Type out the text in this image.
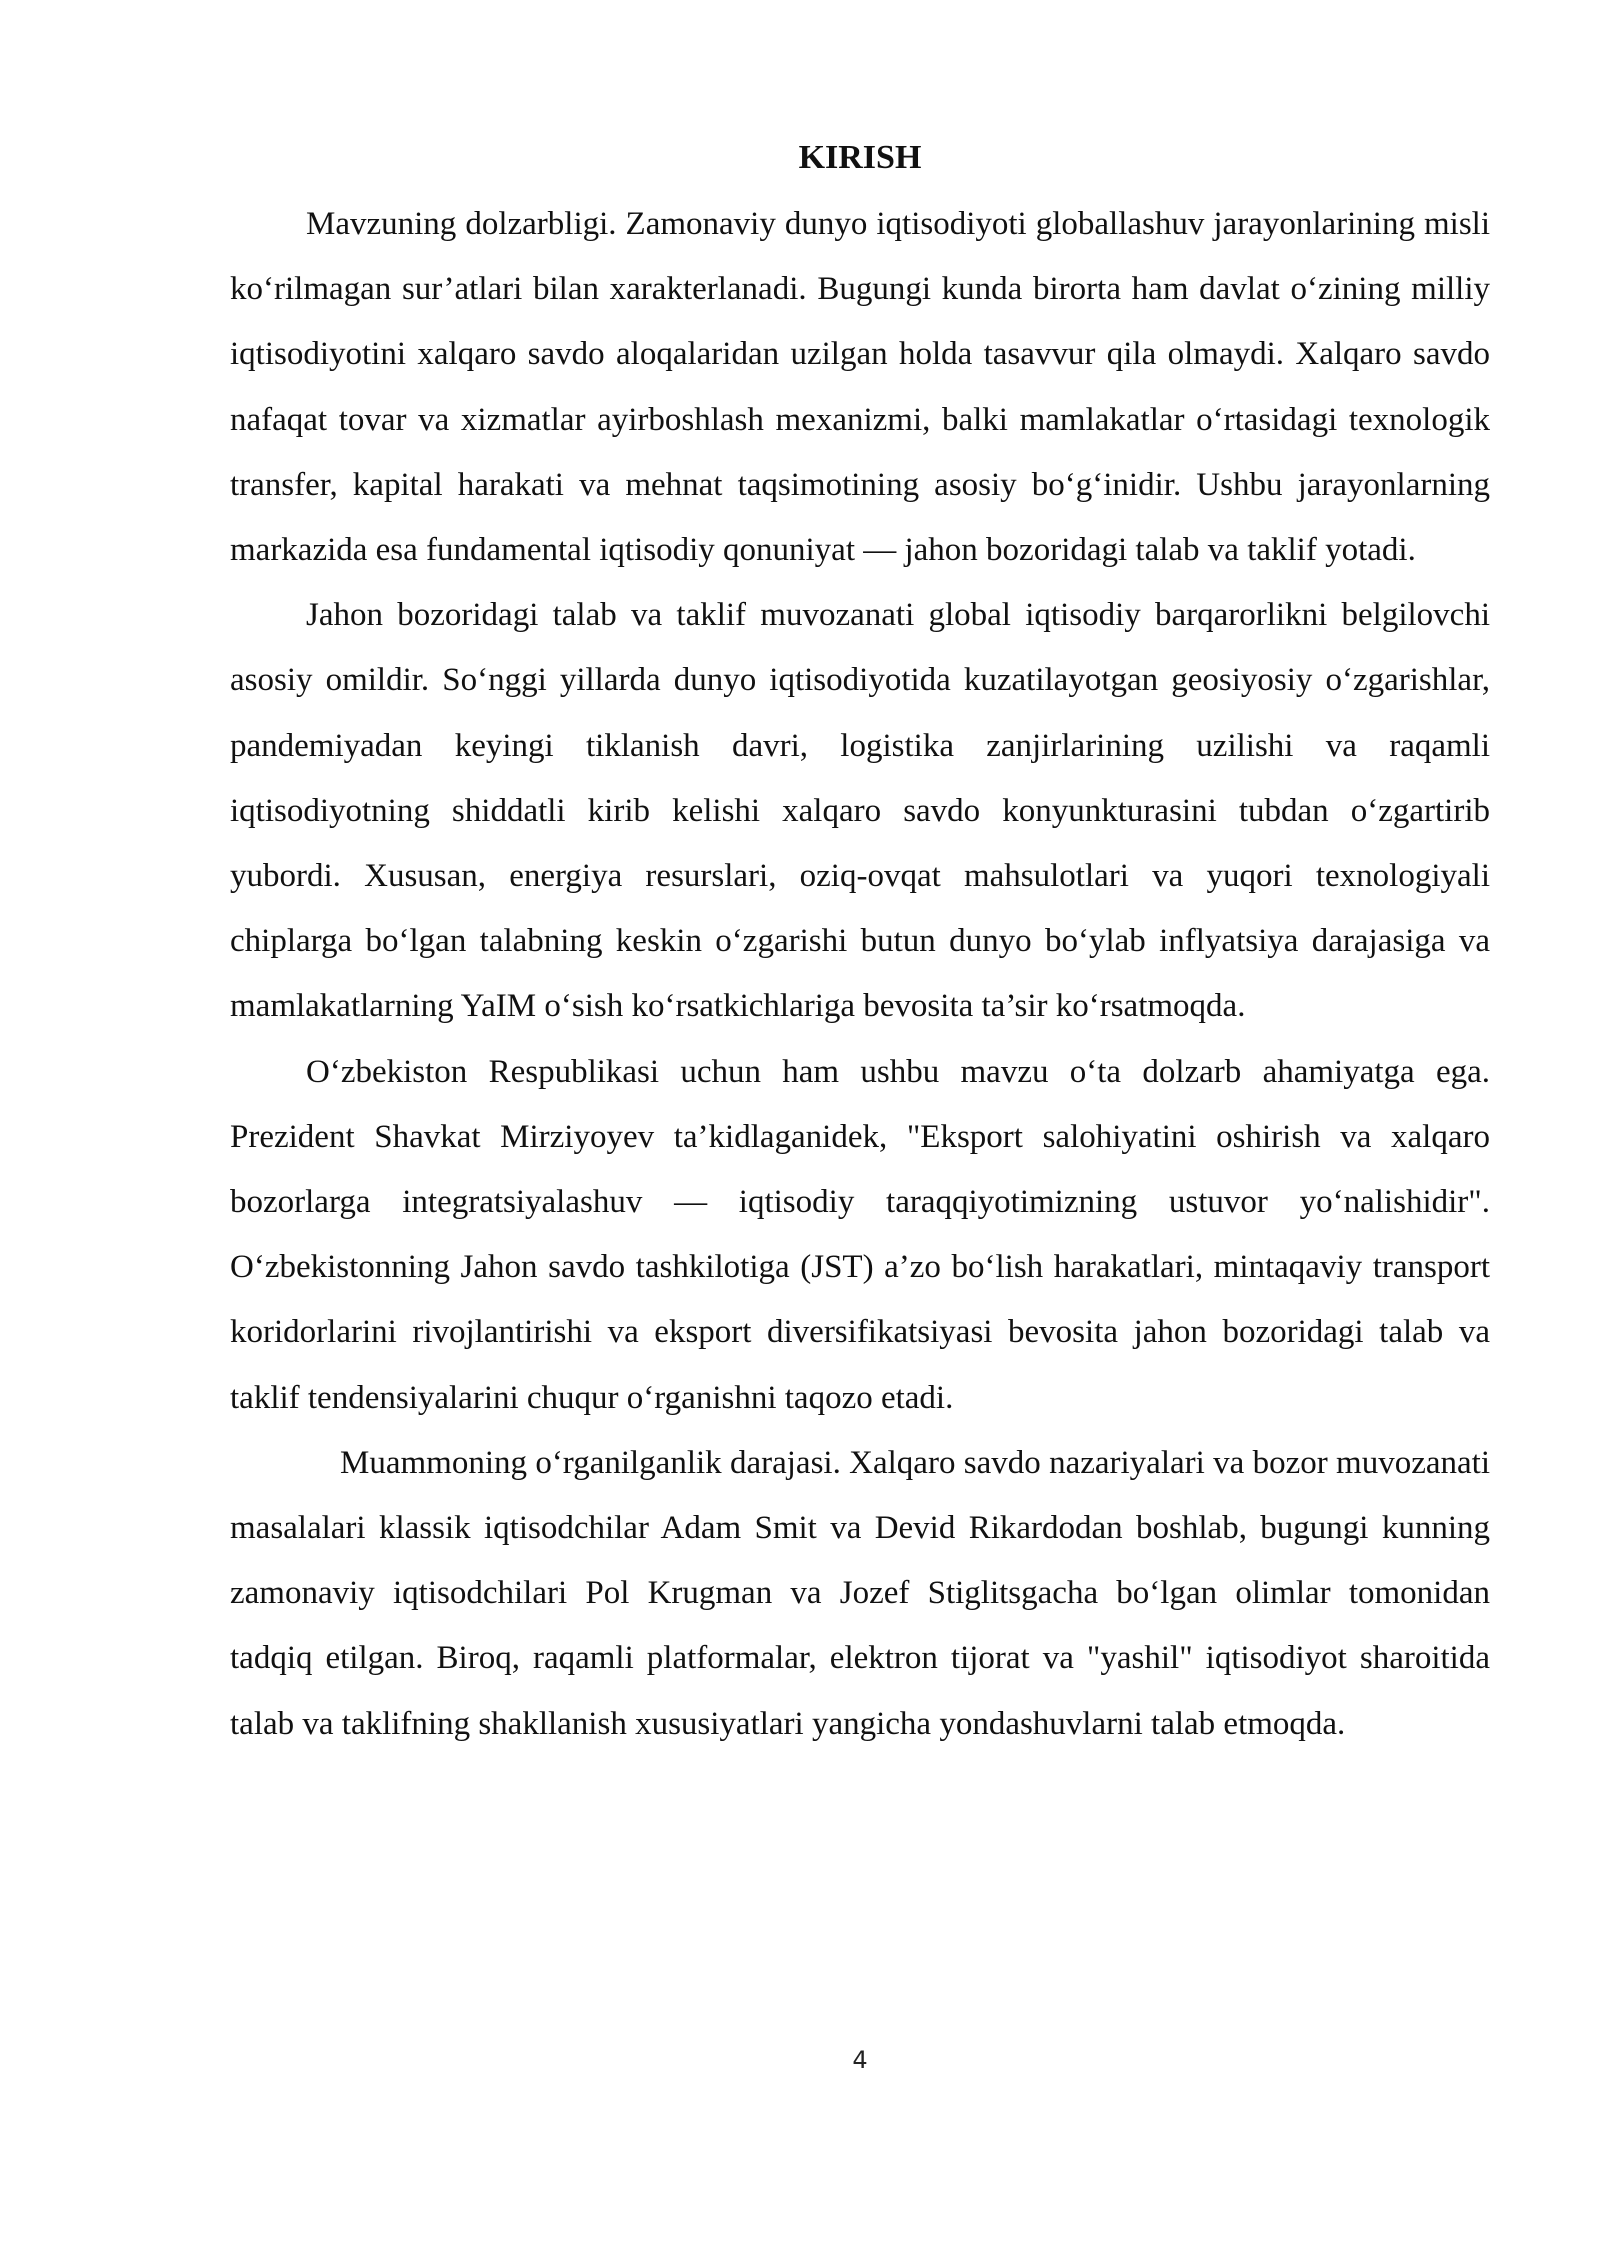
KIRISH

Mavzuning dolzarbligi. Zamonaviy dunyo iqtisodiyoti globallashuv jarayonlarining misli ko‘rilmagan sur’atlari bilan xarakterlanadi. Bugungi kunda birorta ham davlat o‘zining milliy iqtisodiyotini xalqaro savdo aloqalaridan uzilgan holda tasavvur qila olmaydi. Xalqaro savdo nafaqat tovar va xizmatlar ayirboshlash mexanizmi, balki mamlakatlar o‘rtasidagi texnologik transfer, kapital harakati va mehnat taqsimotining asosiy bo‘g‘inidir. Ushbu jarayonlarning markazida esa fundamental iqtisodiy qonuniyat — jahon bozoridagi talab va taklif yotadi.

Jahon bozoridagi talab va taklif muvozanati global iqtisodiy barqarorlikni belgilovchi asosiy omildir. So‘nggi yillarda dunyo iqtisodiyotida kuzatilayotgan geosiyosiy o‘zgarishlar, pandemiyadan keyingi tiklanish davri, logistika zanjirlarining uzilishi va raqamli iqtisodiyotning shiddatli kirib kelishi xalqaro savdo konyunkturasini tubdan o‘zgartirib yubordi. Xususan, energiya resurslari, oziq-ovqat mahsulotlari va yuqori texnologiyali chiplarga bo‘lgan talabning keskin o‘zgarishi butun dunyo bo‘ylab inflyatsiya darajasiga va mamlakatlarning YaIM o‘sish ko‘rsatkichlariga bevosita ta’sir ko‘rsatmoqda.

O‘zbekiston Respublikasi uchun ham ushbu mavzu o‘ta dolzarb ahamiyatga ega. Prezident Shavkat Mirziyoyev ta’kidlaganidek, "Eksport salohiyatini oshirish va xalqaro bozorlarga integratsiyalashuv — iqtisodiy taraqqiyotimizning ustuvor yo‘nalishidir". O‘zbekistonning Jahon savdo tashkilotiga (JST) a’zo bo‘lish harakatlari, mintaqaviy transport koridorlarini rivojlantirishi va eksport diversifikatsiyasi bevosita jahon bozoridagi talab va taklif tendensiyalarini chuqur o‘rganishni taqozo etadi.

Muammoning o‘rganilganlik darajasi. Xalqaro savdo nazariyalari va bozor muvozanati masalalari klassik iqtisodchilar Adam Smit va Devid Rikardodan boshlab, bugungi kunning zamonaviy iqtisodchilari Pol Krugman va Jozef Stiglitsgacha bo‘lgan olimlar tomonidan tadqiq etilgan. Biroq, raqamli platformalar, elektron tijorat va "yashil" iqtisodiyot sharoitida talab va taklifning shakllanish xususiyatlari yangicha yondashuvlarni talab etmoqda.

4
